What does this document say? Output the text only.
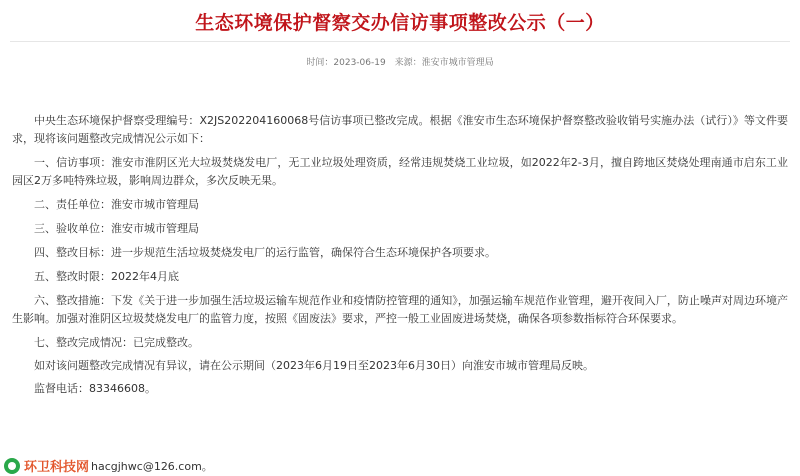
生态环境保护督察交办信访事项整改公示（一）
时间：2023-06-19 来源：淮安市城市管理局

中央生态环境保护督察受理编号：X2JS202204160068号信访事项已整改完成。根据《淮安市生态环境保护督察整改验收销号实施办法（试行）》等文件要求，现将该问题整改完成情况公示如下：

一、信访事项：淮安市淮阴区光大垃圾焚烧发电厂，无工业垃圾处理资质，经常违规焚烧工业垃圾，如2022年2-3月，擅自跨地区焚烧处理南通市启东工业园区2万多吨特殊垃圾，影响周边群众，多次反映无果。

二、责任单位：淮安市城市管理局

三、验收单位：淮安市城市管理局

四、整改目标：进一步规范生活垃圾焚烧发电厂的运行监管，确保符合生态环境保护各项要求。

五、整改时限：2022年4月底

六、整改措施：下发《关于进一步加强生活垃圾运输车规范作业和疫情防控管理的通知》，加强运输车规范作业管理，避开夜间入厂，防止噪声对周边环境产生影响。加强对淮阴区垃圾焚烧发电厂的监管力度，按照《固废法》要求，严控一般工业固废进场焚烧，确保各项参数指标符合环保要求。

七、整改完成情况：已完成整改。

如对该问题整改完成情况有异议，请在公示期间（2023年6月19日至2023年6月30日）向淮安市城市管理局反映。

监督电话：83346608。

环卫科技网 hacgjhwc@126.com。
